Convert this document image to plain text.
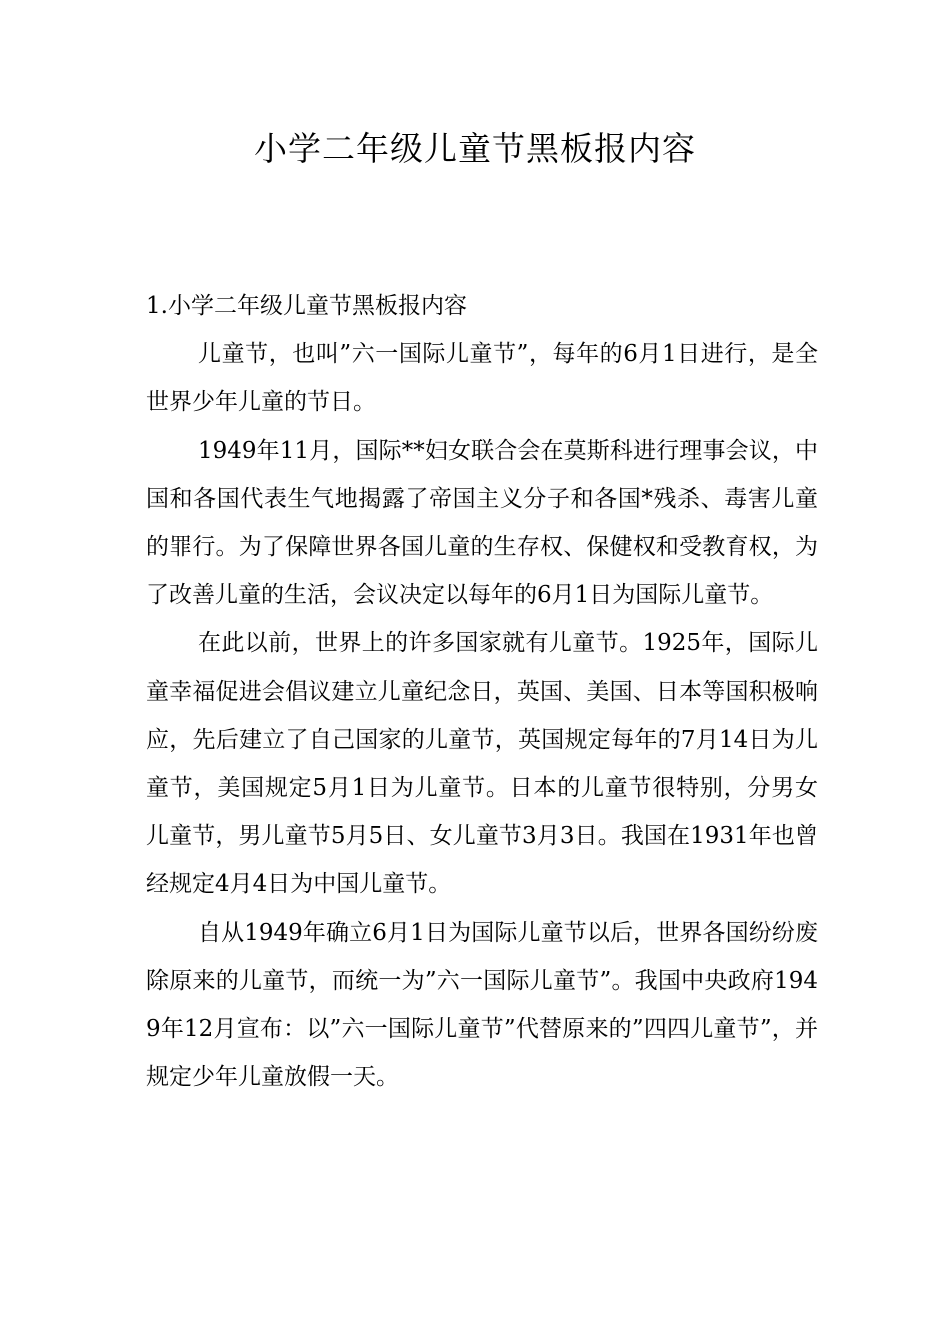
小学二年级儿童节黑板报内容

1.小学二年级儿童节黑板报内容

儿童节，也叫”六一国际儿童节”，每年的6月1日进行，是全世界少年儿童的节日。

1949年11月，国际**妇女联合会在莫斯科进行理事会议，中国和各国代表生气地揭露了帝国主义分子和各国*残杀、毒害儿童的罪行。为了保障世界各国儿童的生存权、保健权和受教育权，为了改善儿童的生活，会议决定以每年的6月1日为国际儿童节。

在此以前，世界上的许多国家就有儿童节。1925年，国际儿童幸福促进会倡议建立儿童纪念日，英国、美国、日本等国积极响应，先后建立了自己国家的儿童节，英国规定每年的7月14日为儿童节，美国规定5月1日为儿童节。日本的儿童节很特别，分男女儿童节，男儿童节5月5日、女儿童节3月3日。我国在1931年也曾经规定4月4日为中国儿童节。

自从1949年确立6月1日为国际儿童节以后，世界各国纷纷废除原来的儿童节，而统一为”六一国际儿童节”。我国中央政府1949年12月宣布：以”六一国际儿童节”代替原来的”四四儿童节”，并规定少年儿童放假一天。
